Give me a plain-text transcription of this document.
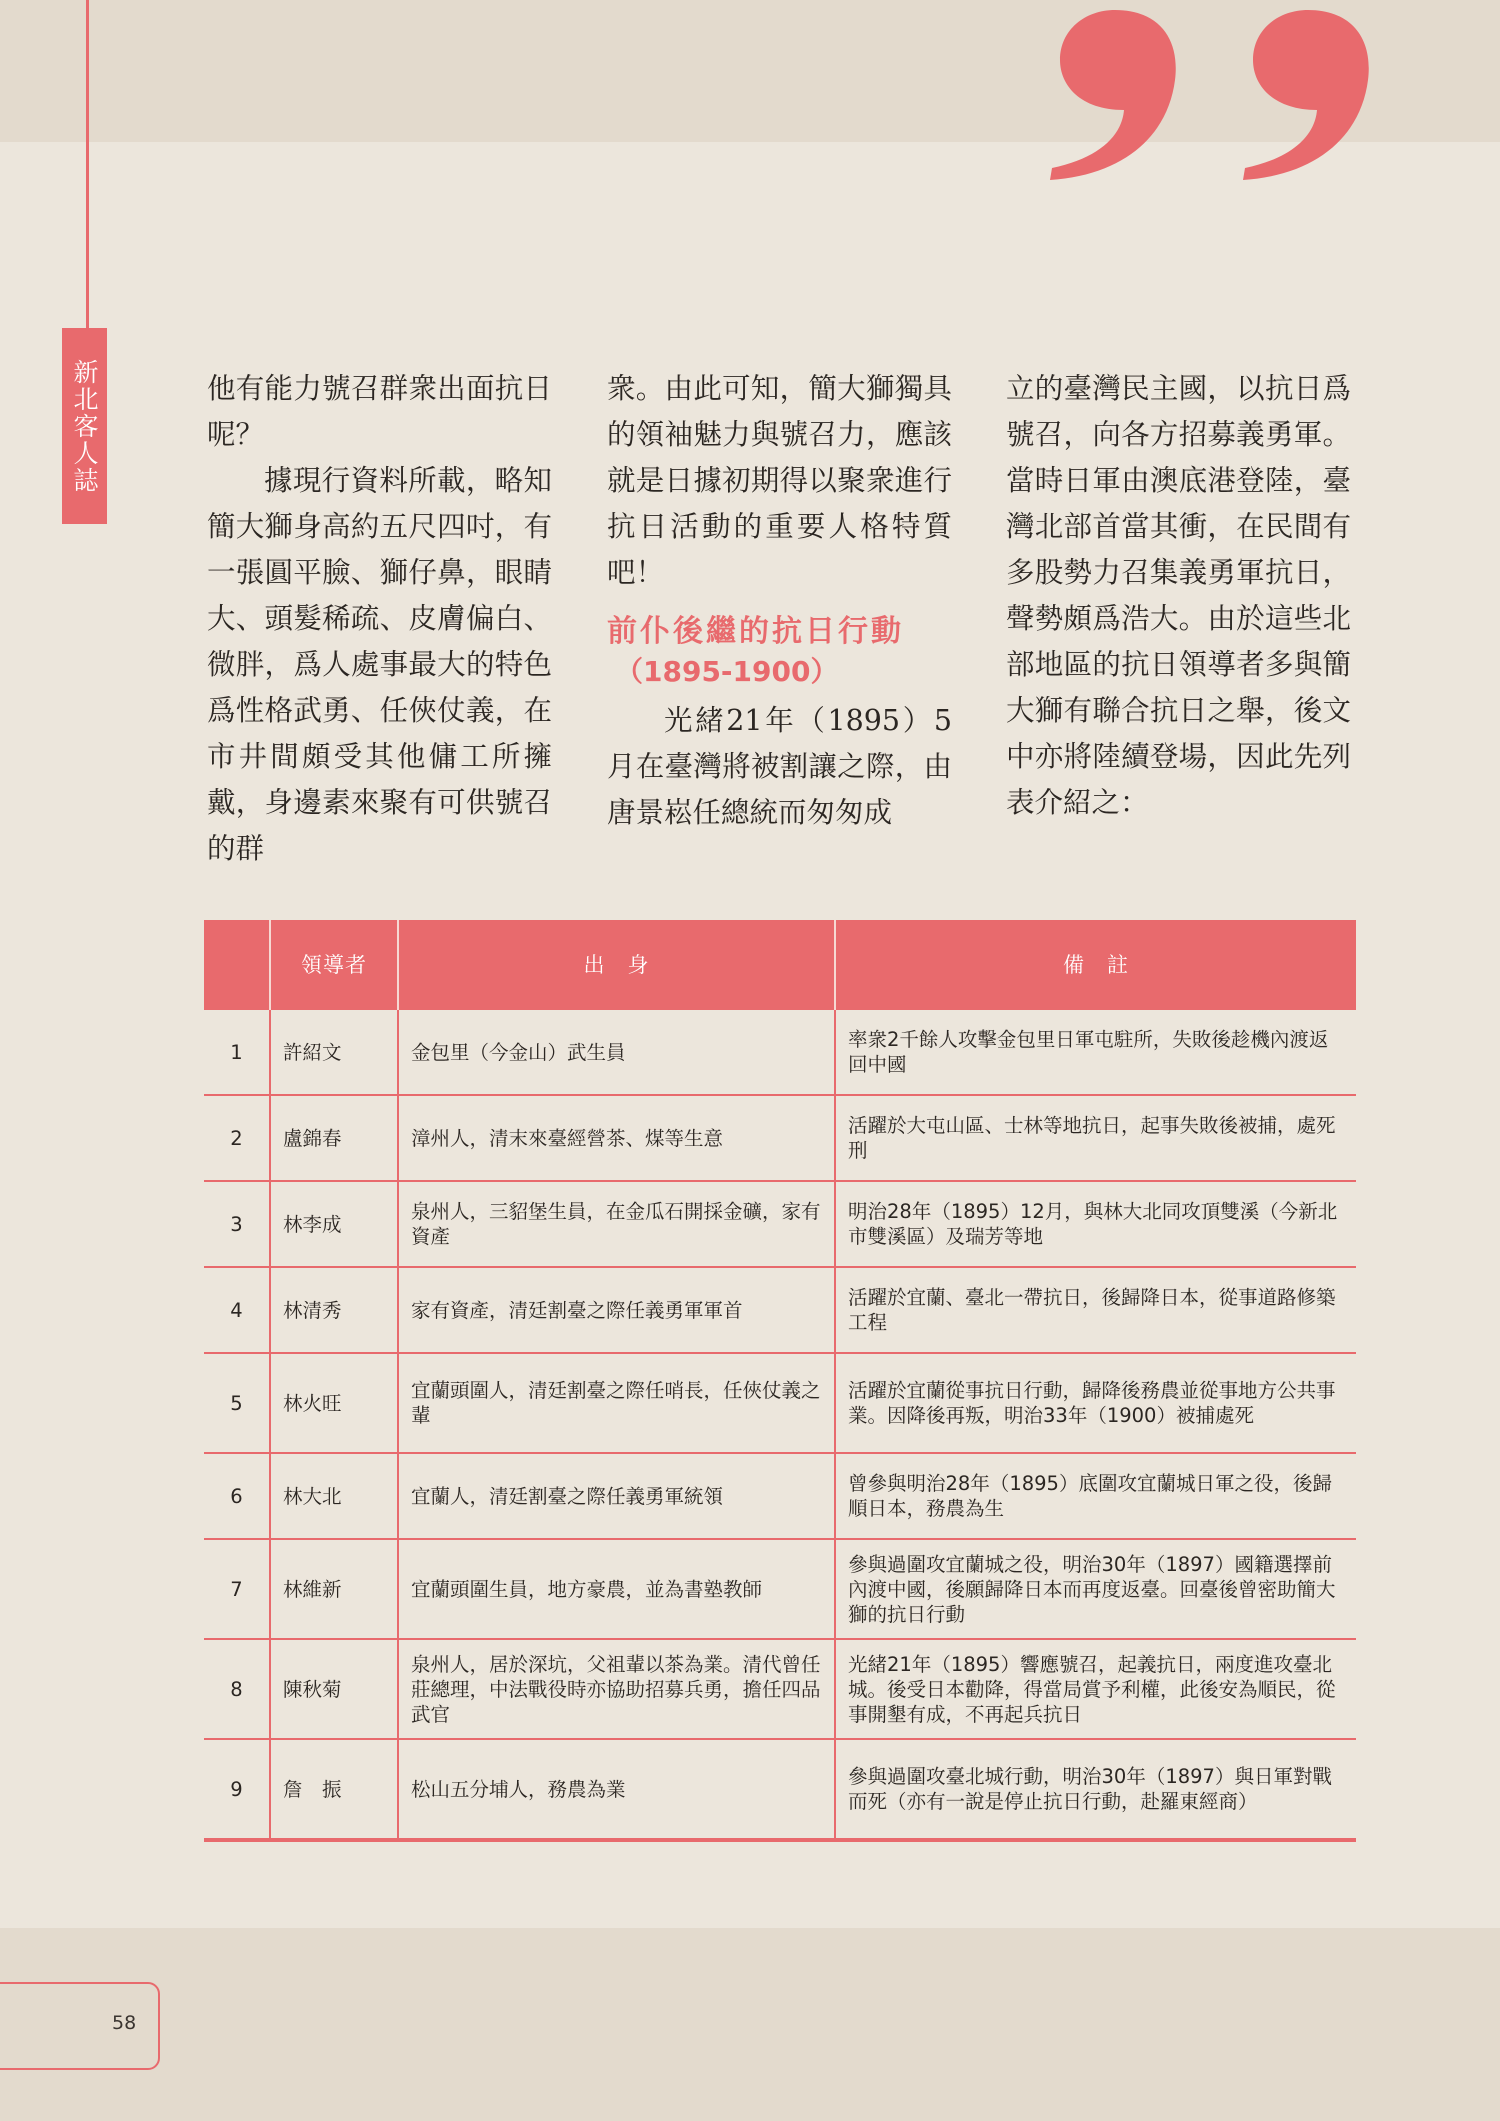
新北客人誌	他有能力號召群衆出面抗日呢？

據現行資料所載，略知簡大獅身高約五尺四吋，有一張圓平臉、獅仔鼻，眼睛大、頭髮稀疏、皮膚偏白、微胖，爲人處事最大的特色爲性格武勇、任俠仗義，在市井間頗受其他傭工所擁戴，身邊素來聚有可供號召的群

衆。由此可知，簡大獅獨具的領袖魅力與號召力，應該就是日據初期得以聚衆進行抗日活動的重要人格特質吧！

前仆後繼的抗日行動
（1895-1900）

光緒21年（1895）5月在臺灣將被割讓之際，由唐景崧任總統而匆匆成

立的臺灣民主國，以抗日爲號召，向各方招募義勇軍。當時日軍由澳底港登陸，臺灣北部首當其衝，在民間有多股勢力召集義勇軍抗日，聲勢頗爲浩大。由於這些北部地區的抗日領導者多與簡大獅有聯合抗日之舉，後文中亦將陸續登場，因此先列表介紹之：

	領導者	出　身	備　註
1	許紹文	金包里（今金山）武生員	率衆2千餘人攻擊金包里日軍屯駐所，失敗後趁機內渡返回中國
2	盧錦春	漳州人，清末來臺經營茶、煤等生意	活躍於大屯山區、士林等地抗日，起事失敗後被捕，處死刑
3	林李成	泉州人，三貂堡生員，在金瓜石開採金礦，家有資產	明治28年（1895）12月，與林大北同攻頂雙溪（今新北市雙溪區）及瑞芳等地
4	林清秀	家有資產，清廷割臺之際任義勇軍軍首	活躍於宜蘭、臺北一帶抗日，後歸降日本，從事道路修築工程
5	林火旺	宜蘭頭圍人，清廷割臺之際任哨長，任俠仗義之輩	活躍於宜蘭從事抗日行動，歸降後務農並從事地方公共事業。因降後再叛，明治33年（1900）被捕處死
6	林大北	宜蘭人，清廷割臺之際任義勇軍統領	曾參與明治28年（1895）底圍攻宜蘭城日軍之役，後歸順日本，務農為生
7	林維新	宜蘭頭圍生員，地方豪農，並為書塾教師	參與過圍攻宜蘭城之役，明治30年（1897）國籍選擇前內渡中國，後願歸降日本而再度返臺。回臺後曾密助簡大獅的抗日行動
8	陳秋菊	泉州人，居於深坑，父祖輩以茶為業。清代曾任莊總理，中法戰役時亦協助招募兵勇，擔任四品武官	光緒21年（1895）響應號召，起義抗日，兩度進攻臺北城。後受日本勸降，得當局賞予利權，此後安為順民，從事開墾有成，不再起兵抗日
9	詹　振	松山五分埔人，務農為業	參與過圍攻臺北城行動，明治30年（1897）與日軍對戰而死（亦有一說是停止抗日行動，赴羅東經商）
58
